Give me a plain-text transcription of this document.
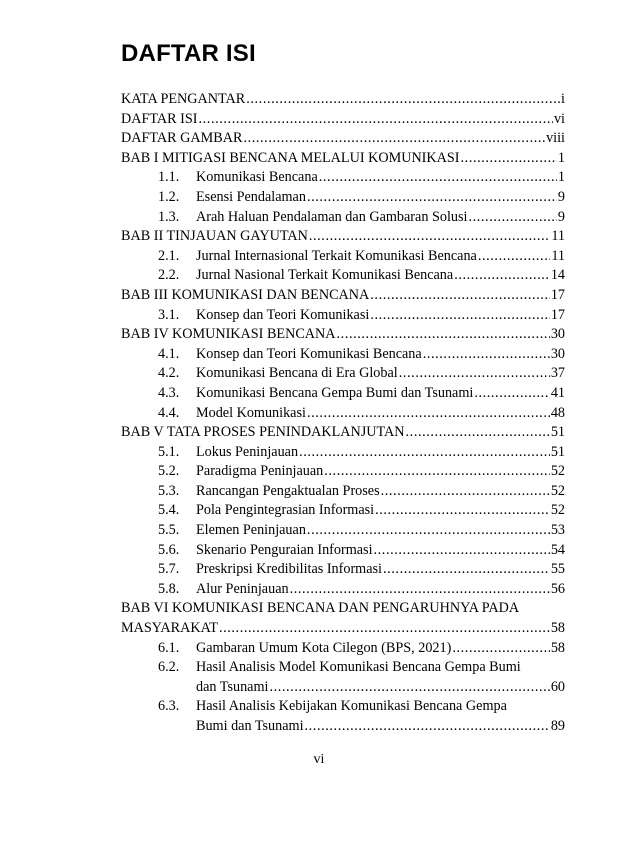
DAFTAR ISI
KATA PENGANTAR .....	i
DAFTAR ISI .....	vi
DAFTAR GAMBAR .....	viii
BAB I MITIGASI BENCANA MELALUI KOMUNIKASI .....	1
1.1.	Komunikasi Bencana .....	1
1.2.	Esensi Pendalaman .....	9
1.3.	Arah Haluan Pendalaman dan Gambaran Solusi .....	9
BAB II TINJAUAN GAYUTAN .....	11
2.1.	Jurnal Internasional Terkait Komunikasi Bencana .....	11
2.2.	Jurnal Nasional Terkait Komunikasi Bencana .....	14
BAB III KOMUNIKASI DAN BENCANA .....	17
3.1.	Konsep dan Teori Komunikasi .....	17
BAB IV KOMUNIKASI BENCANA .....	30
4.1.	Konsep dan Teori Komunikasi Bencana .....	30
4.2.	Komunikasi Bencana di Era Global .....	37
4.3.	Komunikasi Bencana Gempa Bumi dan Tsunami .....	41
4.4.	Model Komunikasi .....	48
BAB V TATA PROSES PENINDAKLANJUTAN .....	51
5.1.	Lokus Peninjauan .....	51
5.2.	Paradigma Peninjauan .....	52
5.3.	Rancangan Pengaktualan Proses .....	52
5.4.	Pola Pengintegrasian Informasi .....	52
5.5.	Elemen Peninjauan .....	53
5.6.	Skenario Penguraian Informasi .....	54
5.7.	Preskripsi Kredibilitas Informasi .....	55
5.8.	Alur Peninjauan .....	56
BAB VI KOMUNIKASI BENCANA DAN PENGARUHNYA PADA
MASYARAKAT .....	58
6.1.	Gambaran Umum Kota Cilegon (BPS, 2021) .....	58
6.2. Hasil Analisis Model Komunikasi Bencana Gempa Bumi
dan Tsunami .....	60
6.3. Hasil Analisis Kebijakan Komunikasi Bencana Gempa
Bumi dan Tsunami .....	89
vi
